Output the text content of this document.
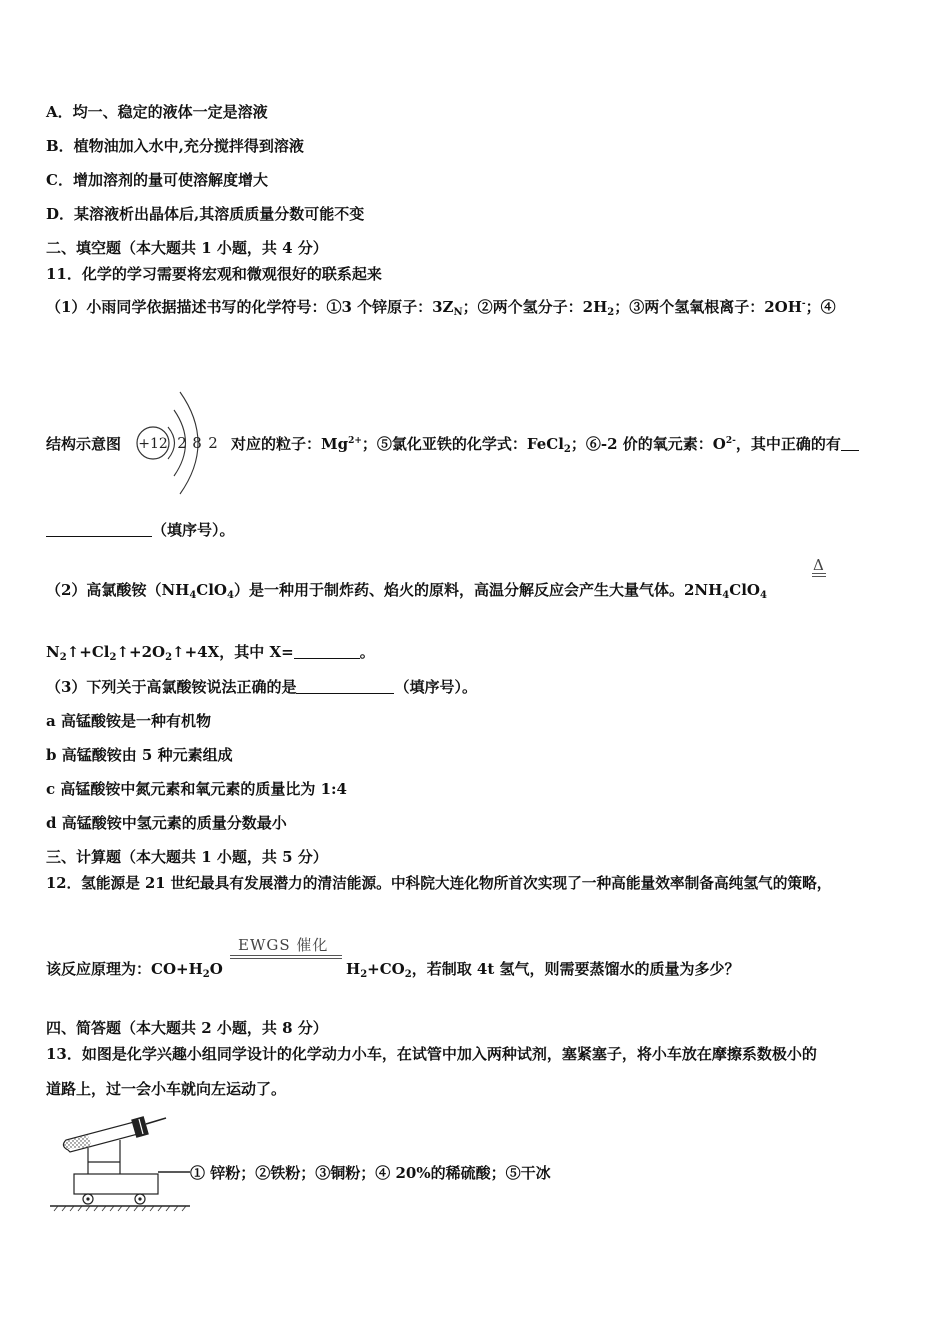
A．均一、稳定的液体一定是溶液
B．植物油加入水中,充分搅拌得到溶液
C．增加溶剂的量可使溶解度增大
D．某溶液析出晶体后,其溶质质量分数可能不变
二、填空题（本大题共 1 小题，共 4 分）
11．化学的学习需要将宏观和微观很好的联系起来
（1）小雨同学依据描述书写的化学符号：①3 个锌原子：$3Z_N$；②两个氢分子：$2H_2$；③两个氢氧根离子：2OH-；④
结构示意图 +12 2 8 2 对应的粒子：$Mg^{2+}$；⑤氯化亚铁的化学式：FeCl$_2$；⑥-2 价的氧元素：$O^{2-}$，其中正确的有
（填序号）。
（2）高氯酸铵$(NH_4ClO_4)$是一种用于制炸药、焰火的原料，高温分解反应会产生大量气体。$2NH_4ClO_4$
Δ
$N_2↑+Cl_2↑+2O_2↑+4X$，其中 X=	。
（3）下列关于高氯酸铵说法正确的是	（填序号）。
a 高锰酸铵是一种有机物
b 高锰酸铵由 5 种元素组成
c 高锰酸铵中氮元素和氧元素的质量比为 1:4
d 高锰酸铵中氢元素的质量分数最小
三、计算题（本大题共 1 小题，共 5 分）
12．氢能源是 21 世纪最具有发展潜力的清洁能源。中科院大连化物所首次实现了一种高能量效率制备高纯氢气的策略，
该反应原理为：$CO+H_2O$
EWGS 催化
$H_2+CO_2$，若制取 4t 氢气，则需要蒸馏水的质量为多少？
四、简答题（本大题共 2 小题，共 8 分）
13．如图是化学兴趣小组同学设计的化学动力小车，在试管中加入两种试剂，塞紧塞子，将小车放在摩擦系数极小的
道路上，过一会小车就向左运动了。
① 锌粉；②铁粉；③铜粉；④ 20%的稀硫酸；⑤干冰
